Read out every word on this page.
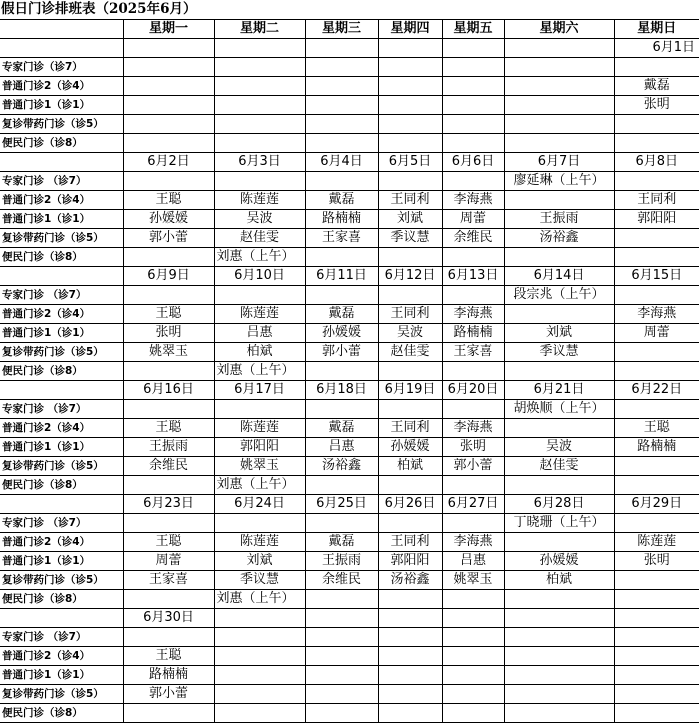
假日门诊排班表（2025年6月）
	星期一	星期二	星期三	星期四	星期五	星期六	星期日
							6月1日
专家门诊（诊7）							
普通门诊2（诊4）							戴磊
普通门诊1（诊1）							张明
复诊带药门诊（诊5）							
便民门诊（诊8）							
	6月2日	6月3日	6月4日	6月5日	6月6日	6月7日	6月8日
专家门诊 （诊7）						廖延琳（上午）	
普通门诊2（诊4）	王聪	陈莲莲	戴磊	王同利	李海燕		王同利
普通门诊1（诊1）	孙媛媛	吴波	路楠楠	刘斌	周蕾	王振雨	郭阳阳
复诊带药门诊（诊5）	郭小蕾	赵佳雯	王家喜	季议慧	余维民	汤裕鑫	
便民门诊（诊8）		刘惠（上午）					
	6月9日	6月10日	6月11日	6月12日	6月13日	6月14日	6月15日
专家门诊 （诊7）						段宗兆（上午）	
普通门诊2（诊4）	王聪	陈莲莲	戴磊	王同利	李海燕		李海燕
普通门诊1（诊1）	张明	吕惠	孙媛媛	吴波	路楠楠	刘斌	周蕾
复诊带药门诊（诊5）	姚翠玉	柏斌	郭小蕾	赵佳雯	王家喜	季议慧	
便民门诊（诊8）		刘惠（上午）					
	6月16日	6月17日	6月18日	6月19日	6月20日	6月21日	6月22日
专家门诊 （诊7）						胡焕顺（上午）	
普通门诊2（诊4）	王聪	陈莲莲	戴磊	王同利	李海燕		王聪
普通门诊1（诊1）	王振雨	郭阳阳	吕惠	孙媛媛	张明	吴波	路楠楠
复诊带药门诊（诊5）	余维民	姚翠玉	汤裕鑫	柏斌	郭小蕾	赵佳雯	
便民门诊（诊8）		刘惠（上午）					
	6月23日	6月24日	6月25日	6月26日	6月27日	6月28日	6月29日
专家门诊 （诊7）						丁晓珊（上午）	
普通门诊2（诊4）	王聪	陈莲莲	戴磊	王同利	李海燕		陈莲莲
普通门诊1（诊1）	周蕾	刘斌	王振雨	郭阳阳	吕惠	孙媛媛	张明
复诊带药门诊（诊5）	王家喜	季议慧	余维民	汤裕鑫	姚翠玉	柏斌	
便民门诊（诊8）		刘惠（上午）					
	6月30日						
专家门诊 （诊7）							
普通门诊2（诊4）	王聪						
普通门诊1（诊1）	路楠楠						
复诊带药门诊（诊5）	郭小蕾						
便民门诊（诊8）							
